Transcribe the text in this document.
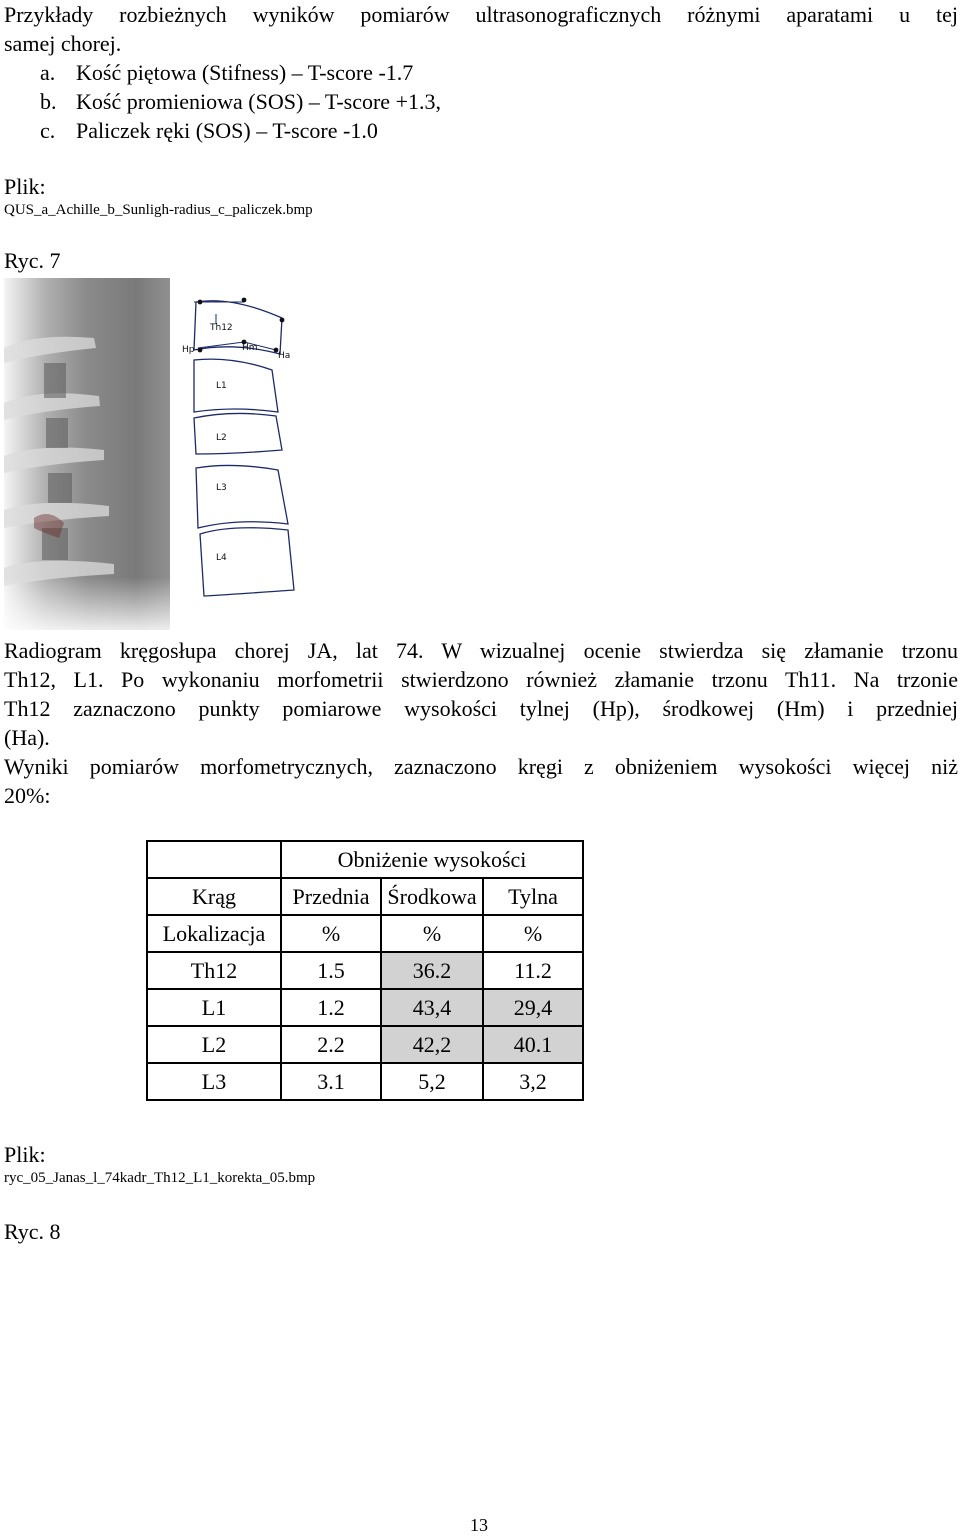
Przykłady rozbieżnych wyników pomiarów ultrasonograficznych różnymi aparatami u tej
samej chorej.
a. Kość piętowa (Stifness) – T-score -1.7
b. Kość promieniowa (SOS) – T-score +1.3,
c. Paliczek ręki (SOS) – T-score -1.0
Plik:
QUS_a_Achille_b_Sunligh-radius_c_paliczek.bmp
Ryc. 7
Th12
L1
L2
L3
L4
Hp	Hm
Ha
Radiogram kręgosłupa chorej JA, lat 74. W wizualnej ocenie stwierdza się złamanie trzonu
Th12, L1. Po wykonaniu morfometrii stwierdzono również złamanie trzonu Th11. Na trzonie
Th12 zaznaczono punkty pomiarowe wysokości tylnej (Hp), środkowej (Hm) i przedniej
(Ha).
Wyniki pomiarów morfometrycznych, zaznaczono kręgi z obniżeniem wysokości więcej niż
20%:
	Obniżenie wysokości		
Krąg	Przednia	Środkowa	Tylna
Lokalizacja	%	%	%
Th12	1.5	36.2	11.2
L1	1.2	43,4	29,4
L2	2.2	42,2	40.1
L3	3.1	5,2	3,2
Plik:
ryc_05_Janas_l_74kadr_Th12_L1_korekta_05.bmp
Ryc. 8
13
